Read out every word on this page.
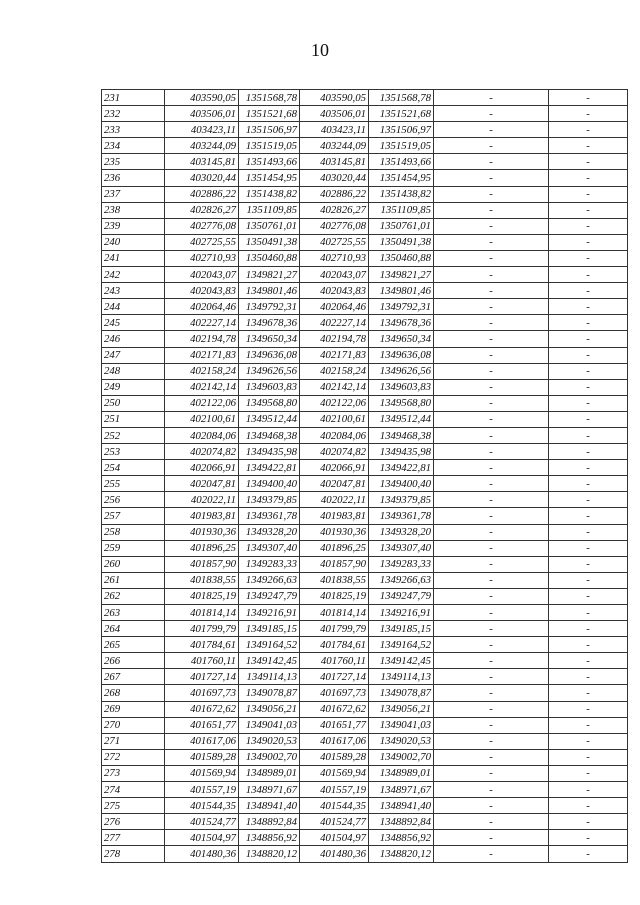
10
231	403590,05	1351568,78	403590,05	1351568,78	-	-
232	403506,01	1351521,68	403506,01	1351521,68	-	-
233	403423,11	1351506,97	403423,11	1351506,97	-	-
234	403244,09	1351519,05	403244,09	1351519,05	-	-
235	403145,81	1351493,66	403145,81	1351493,66	-	-
236	403020,44	1351454,95	403020,44	1351454,95	-	-
237	402886,22	1351438,82	402886,22	1351438,82	-	-
238	402826,27	1351109,85	402826,27	1351109,85	-	-
239	402776,08	1350761,01	402776,08	1350761,01	-	-
240	402725,55	1350491,38	402725,55	1350491,38	-	-
241	402710,93	1350460,88	402710,93	1350460,88	-	-
242	402043,07	1349821,27	402043,07	1349821,27	-	-
243	402043,83	1349801,46	402043,83	1349801,46	-	-
244	402064,46	1349792,31	402064,46	1349792,31	-	-
245	402227,14	1349678,36	402227,14	1349678,36	-	-
246	402194,78	1349650,34	402194,78	1349650,34	-	-
247	402171,83	1349636,08	402171,83	1349636,08	-	-
248	402158,24	1349626,56	402158,24	1349626,56	-	-
249	402142,14	1349603,83	402142,14	1349603,83	-	-
250	402122,06	1349568,80	402122,06	1349568,80	-	-
251	402100,61	1349512,44	402100,61	1349512,44	-	-
252	402084,06	1349468,38	402084,06	1349468,38	-	-
253	402074,82	1349435,98	402074,82	1349435,98	-	-
254	402066,91	1349422,81	402066,91	1349422,81	-	-
255	402047,81	1349400,40	402047,81	1349400,40	-	-
256	402022,11	1349379,85	402022,11	1349379,85	-	-
257	401983,81	1349361,78	401983,81	1349361,78	-	-
258	401930,36	1349328,20	401930,36	1349328,20	-	-
259	401896,25	1349307,40	401896,25	1349307,40	-	-
260	401857,90	1349283,33	401857,90	1349283,33	-	-
261	401838,55	1349266,63	401838,55	1349266,63	-	-
262	401825,19	1349247,79	401825,19	1349247,79	-	-
263	401814,14	1349216,91	401814,14	1349216,91	-	-
264	401799,79	1349185,15	401799,79	1349185,15	-	-
265	401784,61	1349164,52	401784,61	1349164,52	-	-
266	401760,11	1349142,45	401760,11	1349142,45	-	-
267	401727,14	1349114,13	401727,14	1349114,13	-	-
268	401697,73	1349078,87	401697,73	1349078,87	-	-
269	401672,62	1349056,21	401672,62	1349056,21	-	-
270	401651,77	1349041,03	401651,77	1349041,03	-	-
271	401617,06	1349020,53	401617,06	1349020,53	-	-
272	401589,28	1349002,70	401589,28	1349002,70	-	-
273	401569,94	1348989,01	401569,94	1348989,01	-	-
274	401557,19	1348971,67	401557,19	1348971,67	-	-
275	401544,35	1348941,40	401544,35	1348941,40	-	-
276	401524,77	1348892,84	401524,77	1348892,84	-	-
277	401504,97	1348856,92	401504,97	1348856,92	-	-
278	401480,36	1348820,12	401480,36	1348820,12	-	-
